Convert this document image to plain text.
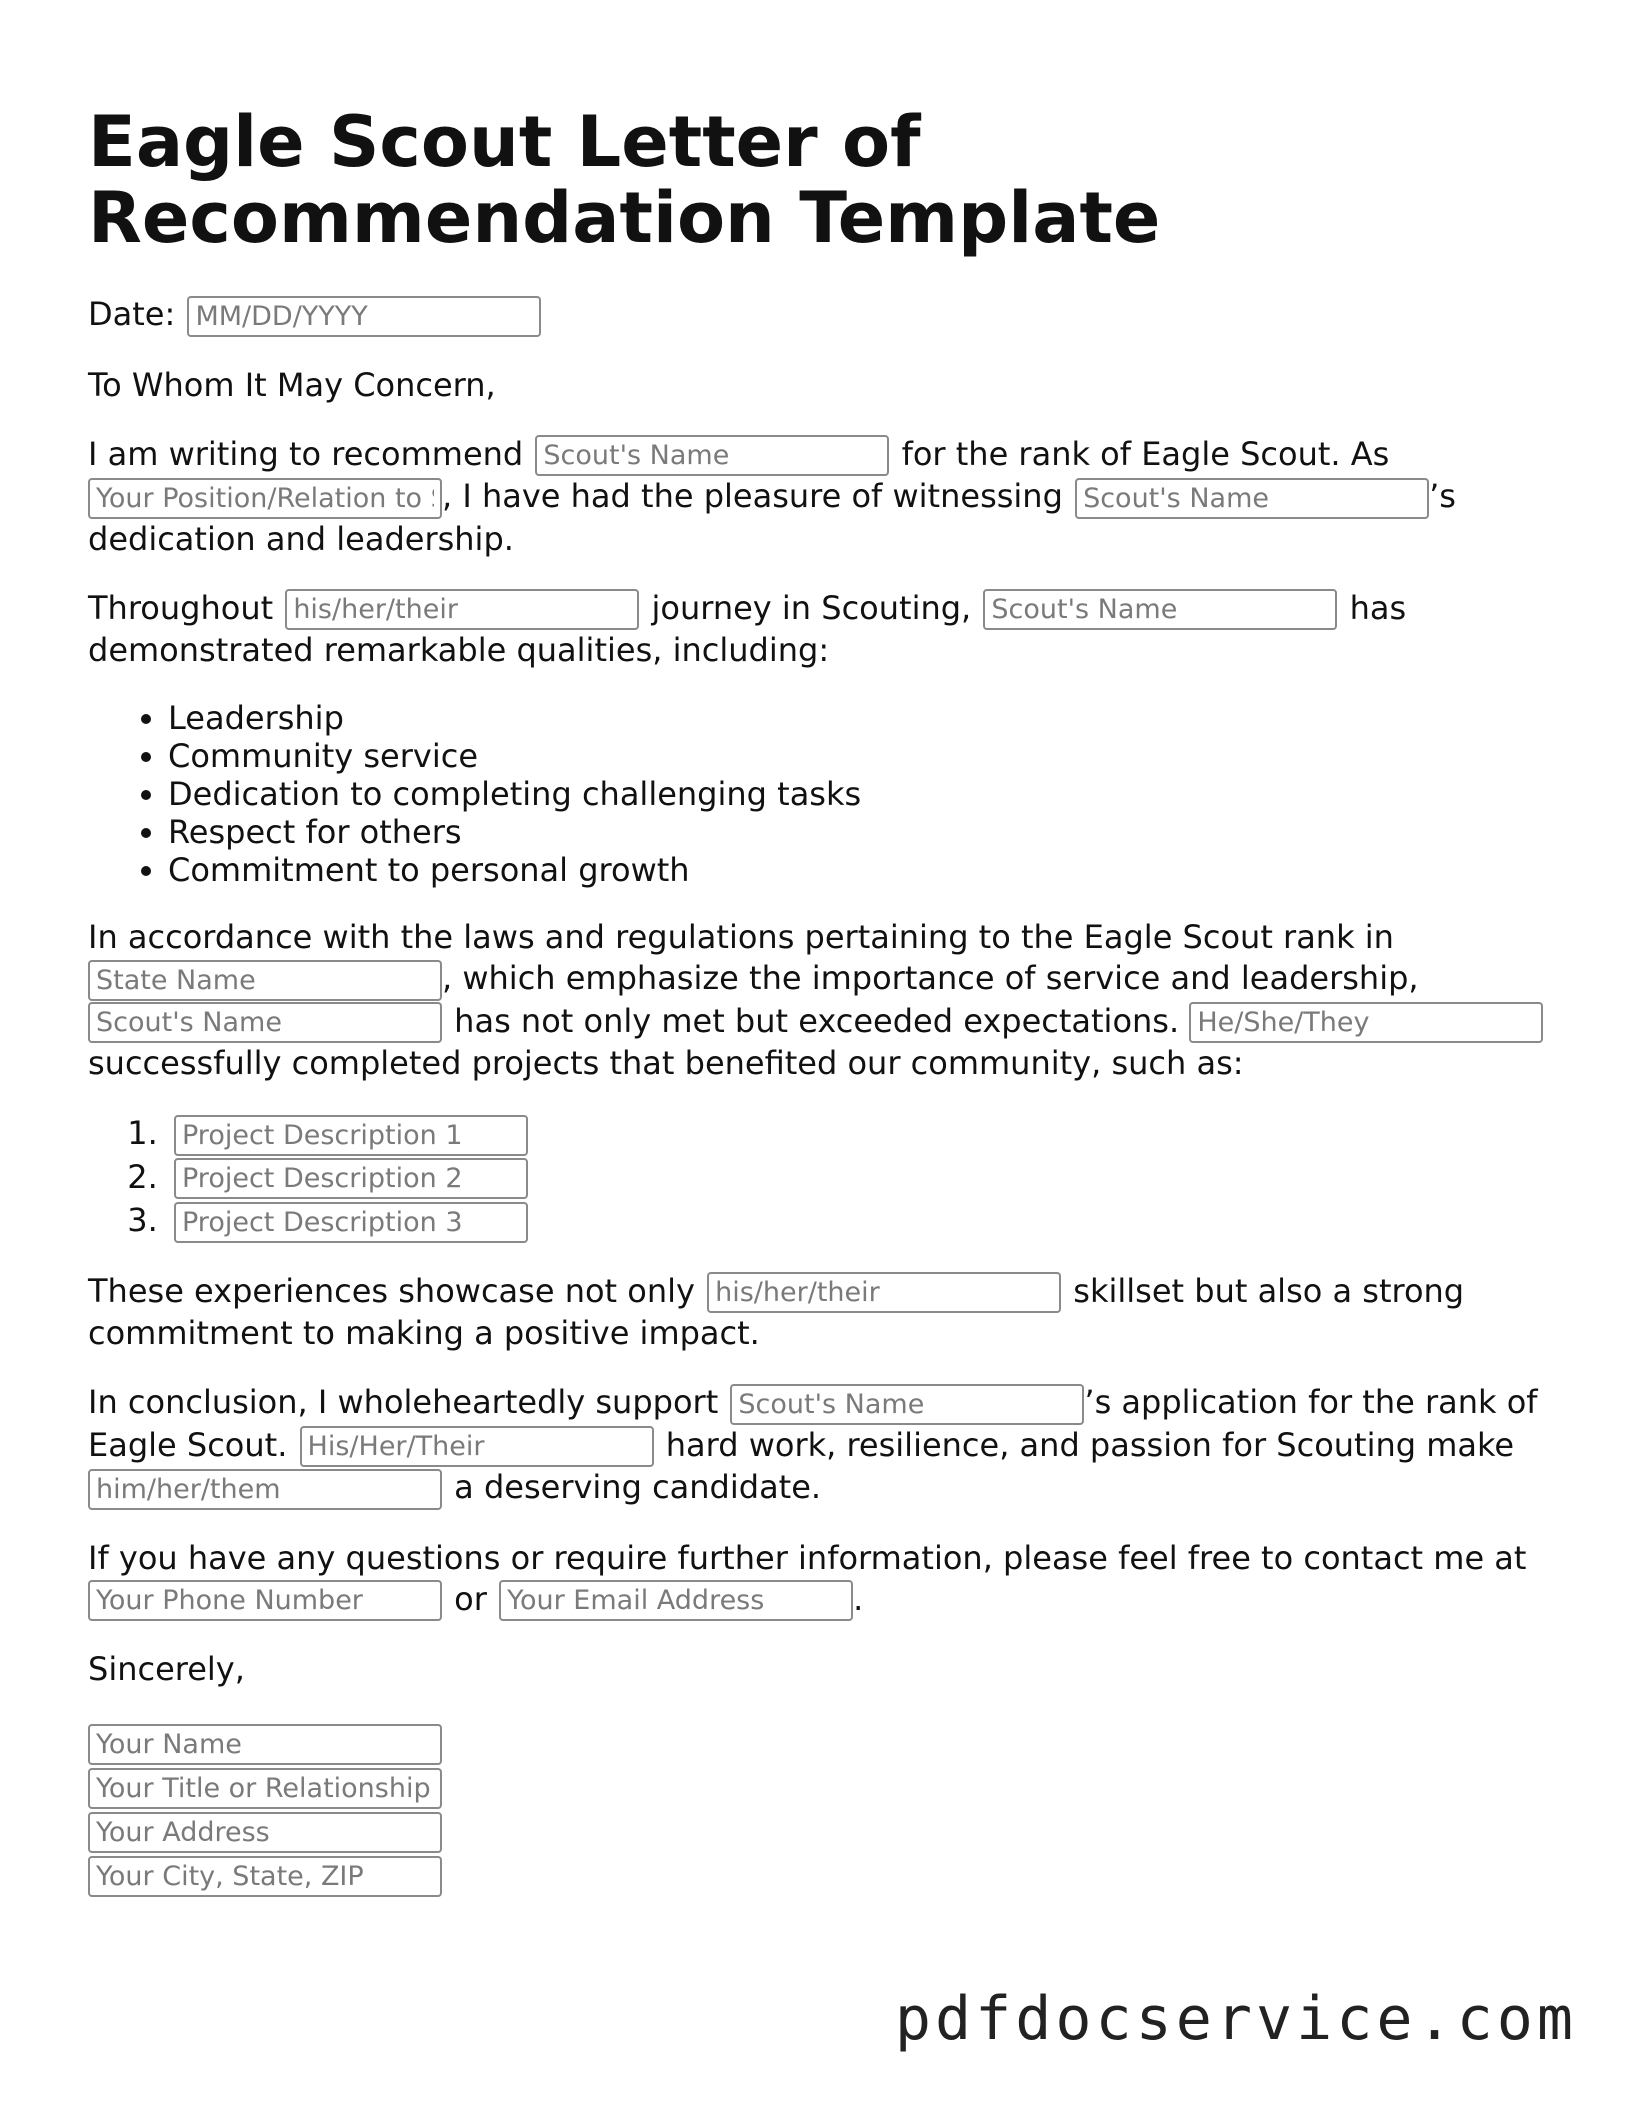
Eagle Scout Letter of Recommendation Template

Date: MM/DD/YYYY

To Whom It May Concern,

I am writing to recommend Scout's Name	for the rank of Eagle Scout. As Your Position/Relation to Scout, I have had the pleasure of witnessing Scout's Name	’s dedication and leadership.

Throughout his/her/their	journey in Scouting, Scout's Name	has demonstrated remarkable qualities, including:

• Leadership
• Community service
• Dedication to completing challenging tasks
• Respect for others
• Commitment to personal growth

In accordance with the laws and regulations pertaining to the Eagle Scout rank in State Name, which emphasize the importance of service and leadership, Scout's Name has not only met but exceeded expectations. He/She/They successfully completed projects that benefited our community, such as:

1. Project Description 1
2. Project Description 2
3. Project Description 3

These experiences showcase not only his/her/their	skillset but also a strong commitment to making a positive impact.

In conclusion, I wholeheartedly support Scout's Name	’s application for the rank of Eagle Scout. His/Her/Their	hard work, resilience, and passion for Scouting make him/her/them a deserving candidate.

If you have any questions or require further information, please feel free to contact me at Your Phone Number or Your Email Address	.

Sincerely,

Your Name
Your Title or Relationship to Scout
Your Address
Your City, State, ZIP
pdfdocservice.com
